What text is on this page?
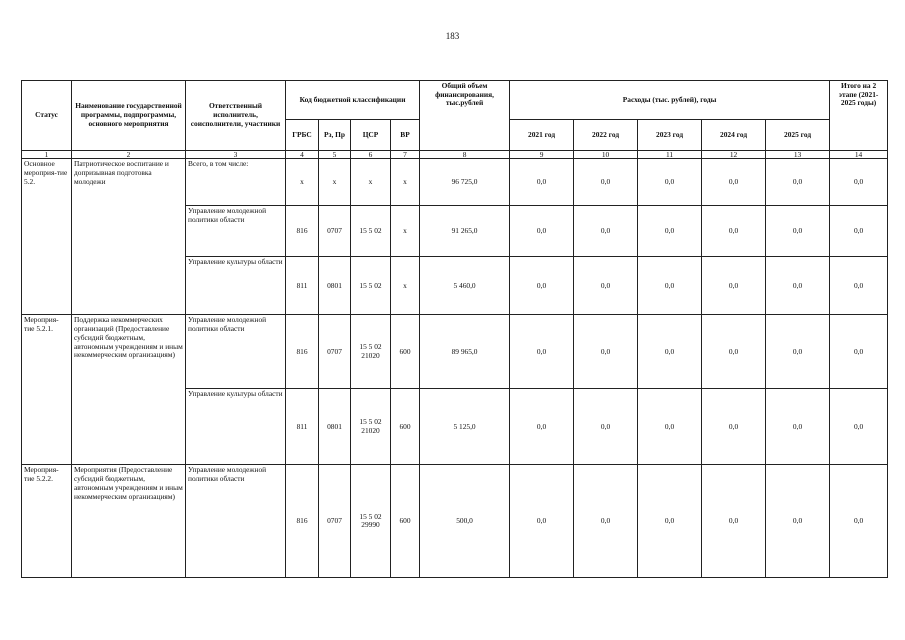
183
Статус	Наименование государственной программы, подпрограммы, основного мероприятия	Ответственный исполнитель, соисполнители, участники	Код бюджетной классификации				Общий объем финансирования, тыс.рублей	Расходы (тыс. рублей), годы					Итого на 2 этапе (2021-2025 годы)
			ГРБС	Рз, Пр	ЦСР	ВР		2021 год	2022 год	2023 год	2024 год	2025 год	
1	2	3	4	5	6	7	8	9	10	11	12	13	14
Основное мероприя-тие 5.2.	Патриотическое воспитание и допризывная подготовка молодежи	Всего, в том числе:	х	х	х	х	96 725,0	0,0	0,0	0,0	0,0	0,0	0,0
		Управление молодежной политики области	816	0707	15 5 02	х	91 265,0	0,0	0,0	0,0	0,0	0,0	0,0
		Управление культуры области	811	0801	15 5 02	х	5 460,0	0,0	0,0	0,0	0,0	0,0	0,0
Мероприя-тие 5.2.1.	Поддержка некоммерческих организаций (Предоставление субсидий бюджетным, автономным учреждениям и иным некоммерческим организациям)	Управление молодежной политики области	816	0707	15 5 02 21020	600	89 965,0	0,0	0,0	0,0	0,0	0,0	0,0
		Управление культуры области	811	0801	15 5 02 21020	600	5 125,0	0,0	0,0	0,0	0,0	0,0	0,0
Мероприя-тие 5.2.2.	Мероприятия (Предоставление субсидий бюджетным, автономным учреждениям и иным некоммерческим организациям)	Управление молодежной политики области	816	0707	15 5 02 29990	600	500,0	0,0	0,0	0,0	0,0	0,0	0,0
